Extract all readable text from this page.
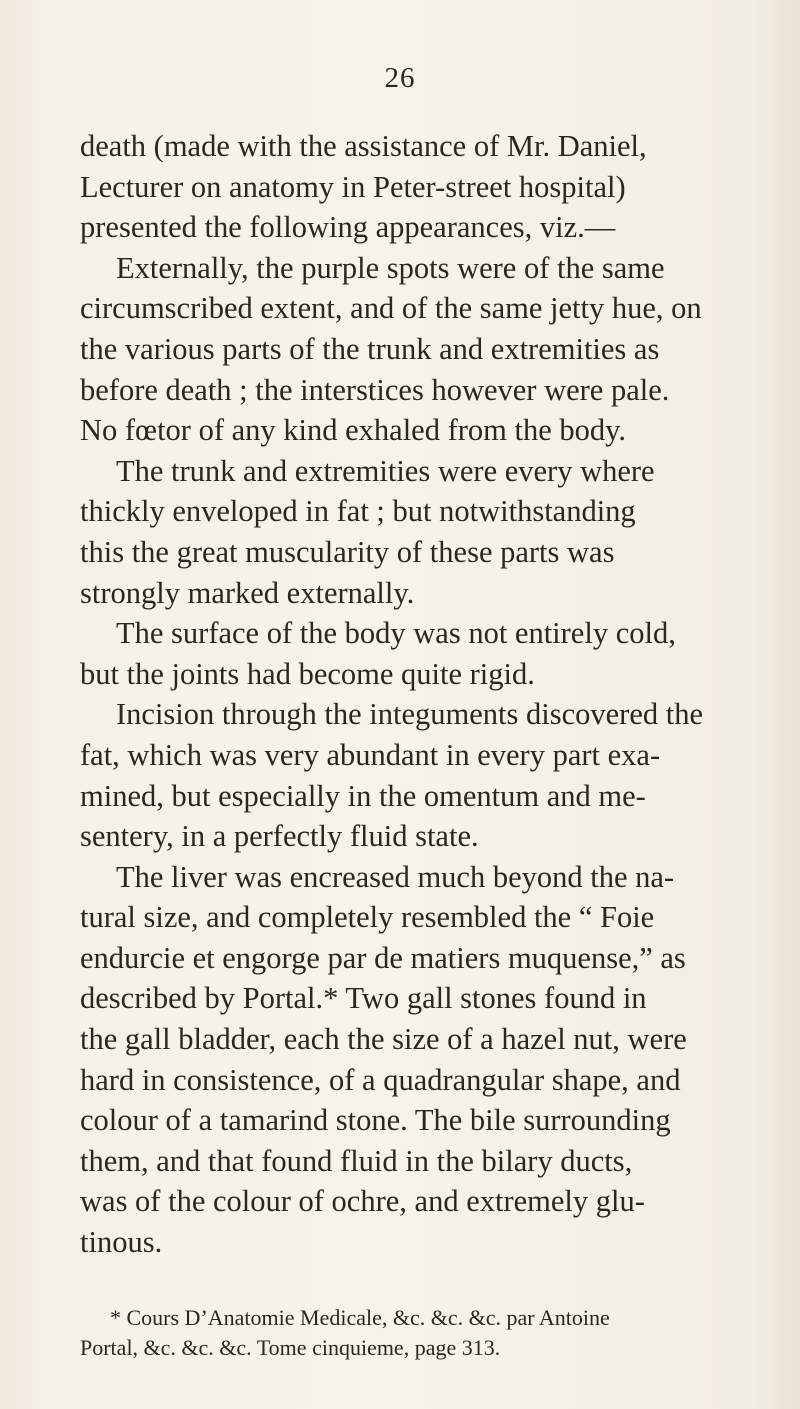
26
death (made with the assistance of Mr. Daniel,
Lecturer on anatomy in Peter-street hospital)
presented the following appearances, viz.—
Externally, the purple spots were of the same
circumscribed extent, and of the same jetty hue, on
the various parts of the trunk and extremities as
before death ; the interstices however were pale.
No fœtor of any kind exhaled from the body.
The trunk and extremities were every where
thickly enveloped in fat ; but notwithstanding
this the great muscularity of these parts was
strongly marked externally.
The surface of the body was not entirely cold,
but the joints had become quite rigid.
Incision through the integuments discovered the
fat, which was very abundant in every part exa-
mined, but especially in the omentum and me-
sentery, in a perfectly fluid state.
The liver was encreased much beyond the na-
tural size, and completely resembled the “ Foie
endurcie et engorge par de matiers muquense,” as
described by Portal.* Two gall stones found in
the gall bladder, each the size of a hazel nut, were
hard in consistence, of a quadrangular shape, and
colour of a tamarind stone. The bile surrounding
them, and that found fluid in the bilary ducts,
was of the colour of ochre, and extremely glu-
tinous.
* Cours D’Anatomie Medicale, &c. &c. &c. par Antoine
Portal, &c. &c. &c. Tome cinquieme, page 313.
